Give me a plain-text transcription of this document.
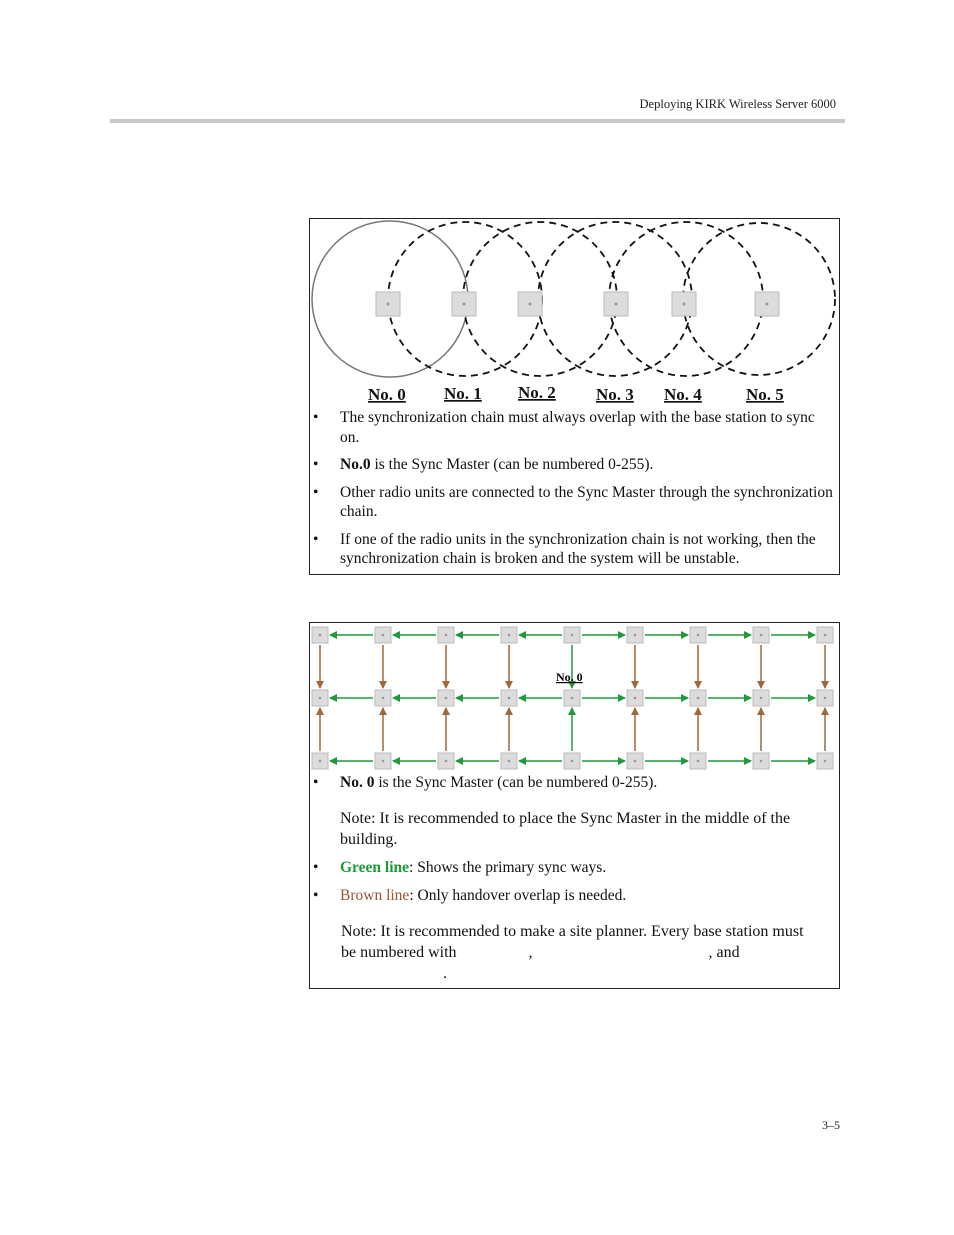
Deploying KIRK Wireless Server 6000
No. 0 No. 1 No. 2 No. 3 No. 4	No. 5
• The synchronization chain must always overlap with the base station to sync on.
• No.0 is the Sync Master (can be numbered 0-255).
• Other radio units are connected to the Sync Master through the synchronization chain.
• If one of the radio units in the synchronization chain is not working, then the synchronization chain is broken and the system will be unstable.
No. 0
• No. 0 is the Sync Master (can be numbered 0-255).
Note: It is recommended to place the Sync Master in the middle of the building.
• Green line: Shows the primary sync ways.
• Brown line: Only handover overlap is needed.
Note: It is recommended to make a site planner. Every base station must
be numbered with	,	, and
.
3–5
